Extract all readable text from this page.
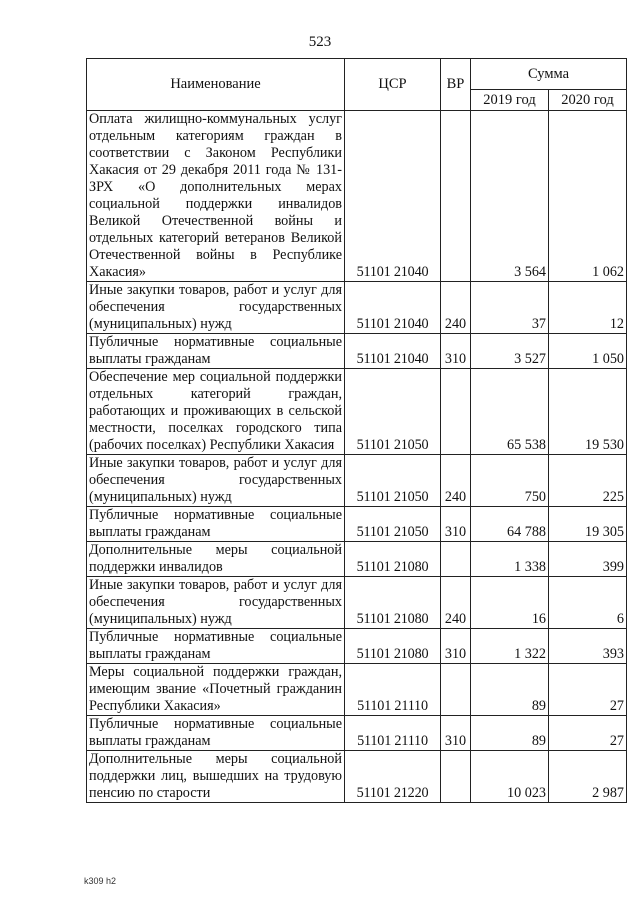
523
Наименование	ЦСР	ВР	Сумма	
			2019 год	2020 год
Оплата жилищно-коммунальных услуг отдельным категориям граждан в соответствии с Законом Республики Хакасия от 29 декабря 2011 года № 131-ЗРХ «О дополнительных мерах социальной поддержки инвалидов Великой Отечественной войны и отдельных категорий ветеранов Великой Отечественной войны в Республике Хакасия»	51101 21040		3 564	1 062
Иные закупки товаров, работ и услуг для обеспечения государственных (муниципальных) нужд	51101 21040	240	37	12
Публичные нормативные социальные выплаты гражданам	51101 21040	310	3 527	1 050
Обеспечение мер социальной поддержки отдельных категорий граждан, работающих и проживающих в сельской местности, поселках городского типа (рабочих поселках) Республики Хакасия	51101 21050		65 538	19 530
Иные закупки товаров, работ и услуг для обеспечения государственных (муниципальных) нужд	51101 21050	240	750	225
Публичные нормативные социальные выплаты гражданам	51101 21050	310	64 788	19 305
Дополнительные меры социальной поддержки инвалидов	51101 21080		1 338	399
Иные закупки товаров, работ и услуг для обеспечения государственных (муниципальных) нужд	51101 21080	240	16	6
Публичные нормативные социальные выплаты гражданам	51101 21080	310	1 322	393
Меры социальной поддержки граждан, имеющим звание «Почетный гражданин Республики Хакасия»	51101 21110		89	27
Публичные нормативные социальные выплаты гражданам	51101 21110	310	89	27
Дополнительные меры социальной поддержки лиц, вышедших на трудовую пенсию по старости	51101 21220		10 023	2 987
k309 h2
